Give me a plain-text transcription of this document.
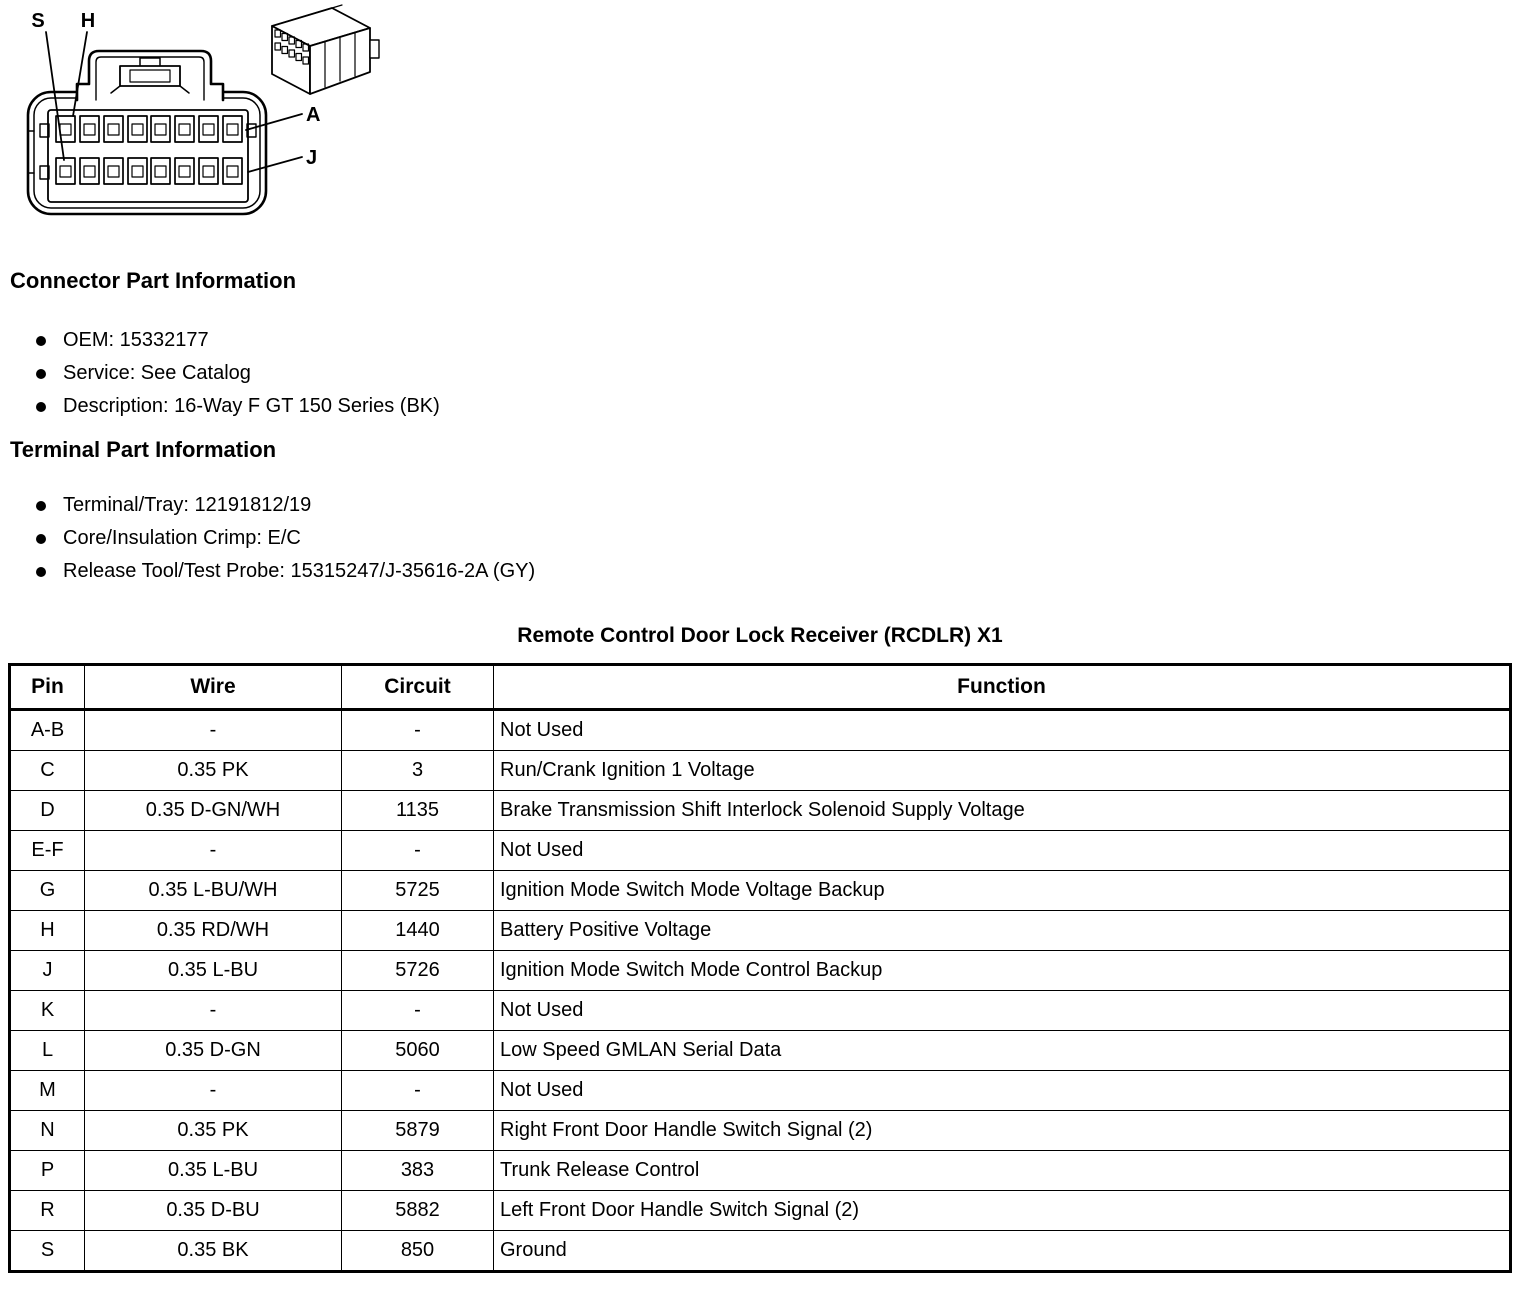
S H
A
J
Connector Part Information
OEM: 15332177
Service: See Catalog
Description: 16-Way F GT 150 Series (BK)
Terminal Part Information
Terminal/Tray: 12191812/19
Core/Insulation Crimp: E/C
Release Tool/Test Probe: 15315247/J-35616-2A (GY)
Remote Control Door Lock Receiver (RCDLR) X1
Pin	Wire	Circuit	Function
A-B	-	-	Not Used
C	0.35 PK	3	Run/Crank Ignition 1 Voltage
D	0.35 D-GN/WH	1135	Brake Transmission Shift Interlock Solenoid Supply Voltage
E-F	-	-	Not Used
G	0.35 L-BU/WH	5725	Ignition Mode Switch Mode Voltage Backup
H	0.35 RD/WH	1440	Battery Positive Voltage
J	0.35 L-BU	5726	Ignition Mode Switch Mode Control Backup
K	-	-	Not Used
L	0.35 D-GN	5060	Low Speed GMLAN Serial Data
M	-	-	Not Used
N	0.35 PK	5879	Right Front Door Handle Switch Signal (2)
P	0.35 L-BU	383	Trunk Release Control
R	0.35 D-BU	5882	Left Front Door Handle Switch Signal (2)
S	0.35 BK	850	Ground
